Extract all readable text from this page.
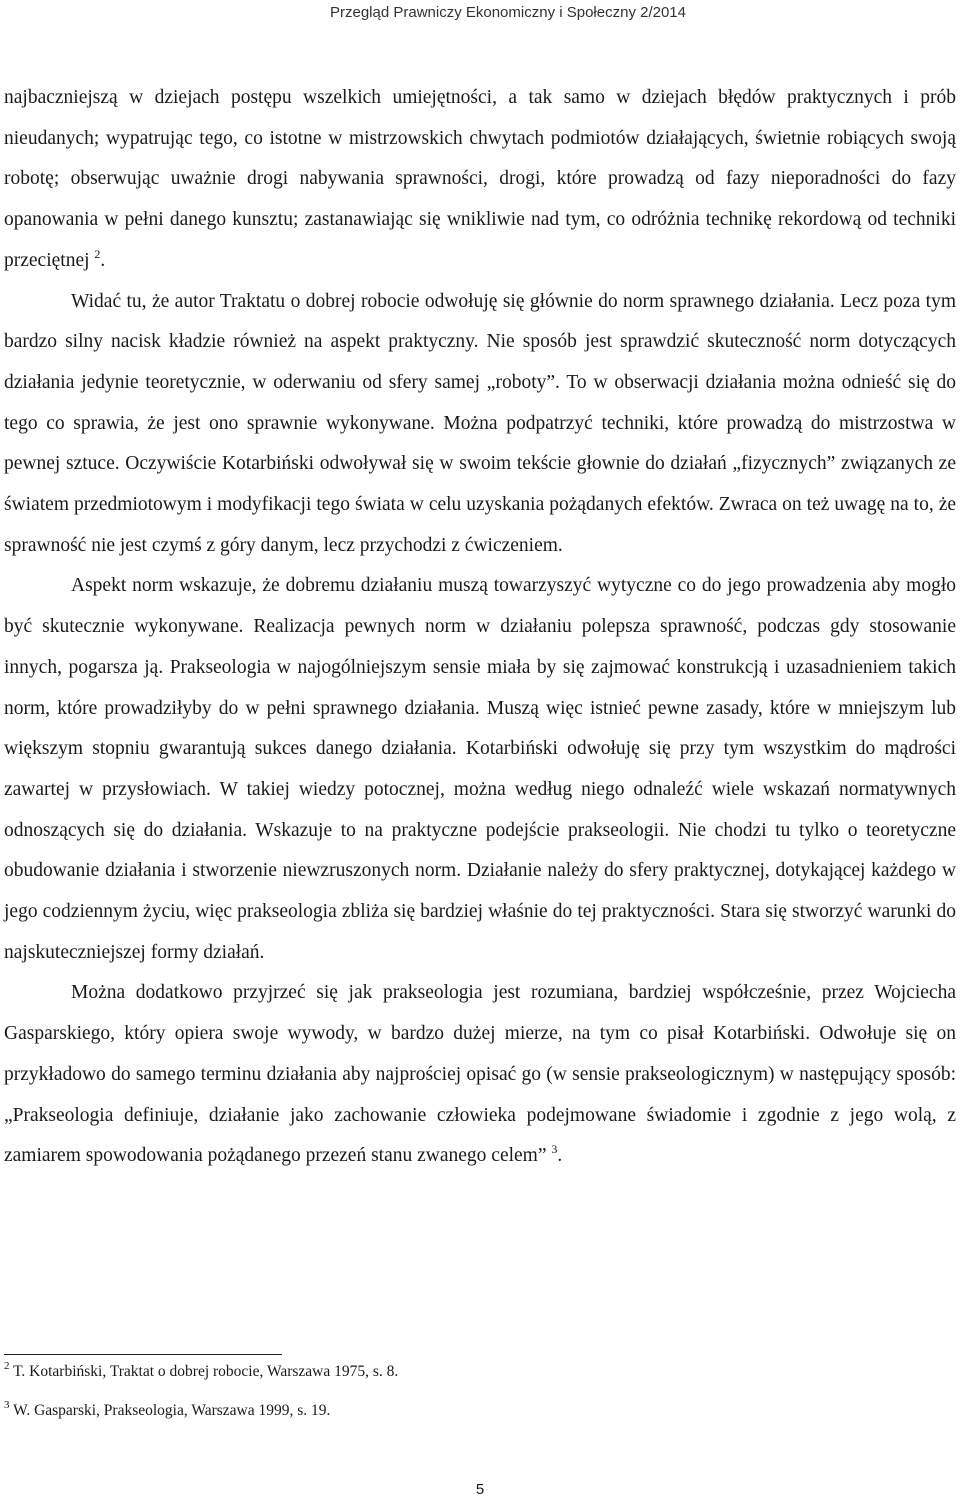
Przegląd Prawniczy Ekonomiczny i Społeczny 2/2014

najbaczniejszą w dziejach postępu wszelkich umiejętności, a tak samo w dziejach błędów praktycznych i prób nieudanych; wypatrując tego, co istotne w mistrzowskich chwytach podmiotów działających, świetnie robiących swoją robotę; obserwując uważnie drogi nabywania sprawności, drogi, które prowadzą od fazy nieporadności do fazy opanowania w pełni danego kunsztu; zastanawiając się wnikliwie nad tym, co odróżnia technikę rekordową od techniki przeciętnej $^2$.

Widać tu, że autor Traktatu o dobrej robocie odwołuję się głównie do norm sprawnego działania. Lecz poza tym bardzo silny nacisk kładzie również na aspekt praktyczny. Nie sposób jest sprawdzić skuteczność norm dotyczących działania jedynie teoretycznie, w oderwaniu od sfery samej „roboty”. To w obserwacji działania można odnieść się do tego co sprawia, że jest ono sprawnie wykonywane. Można podpatrzyć techniki, które prowadzą do mistrzostwa w pewnej sztuce. Oczywiście Kotarbiński odwoływał się w swoim tekście głownie do działań „fizycznych” związanych ze światem przedmiotowym i modyfikacji tego świata w celu uzyskania pożądanych efektów. Zwraca on też uwagę na to, że sprawność nie jest czymś z góry danym, lecz przychodzi z ćwiczeniem.

Aspekt norm wskazuje, że dobremu działaniu muszą towarzyszyć wytyczne co do jego prowadzenia aby mogło być skutecznie wykonywane. Realizacja pewnych norm w działaniu polepsza sprawność, podczas gdy stosowanie innych, pogarsza ją. Prakseologia w najogólniejszym sensie miała by się zajmować konstrukcją i uzasadnieniem takich norm, które prowadziłyby do w pełni sprawnego działania. Muszą więc istnieć pewne zasady, które w mniejszym lub większym stopniu gwarantują sukces danego działania. Kotarbiński odwołuję się przy tym wszystkim do mądrości zawartej w przysłowiach. W takiej wiedzy potocznej, można według niego odnaleźć wiele wskazań normatywnych odnoszących się do działania. Wskazuje to na praktyczne podejście prakseologii. Nie chodzi tu tylko o teoretyczne obudowanie działania i stworzenie niewzruszonych norm. Działanie należy do sfery praktycznej, dotykającej każdego w jego codziennym życiu, więc prakseologia zbliża się bardziej właśnie do tej praktyczności. Stara się stworzyć warunki do najskuteczniejszej formy działań.

Można dodatkowo przyjrzeć się jak prakseologia jest rozumiana, bardziej współcześnie, przez Wojciecha Gasparskiego, który opiera swoje wywody, w bardzo dużej mierze, na tym co pisał Kotarbiński. Odwołuje się on przykładowo do samego terminu działania aby najprościej opisać go (w sensie prakseologicznym) w następujący sposób: „Prakseologia definiuje, działanie jako zachowanie człowieka podejmowane świadomie i zgodnie z jego wolą, z zamiarem spowodowania pożądanego przezeń stanu zwanego celem” $^3$.

$^2$ T. Kotarbiński, Traktat o dobrej robocie, Warszawa 1975, s. 8.
$^3$ W. Gasparski, Prakseologia, Warszawa 1999, s. 19.
5
